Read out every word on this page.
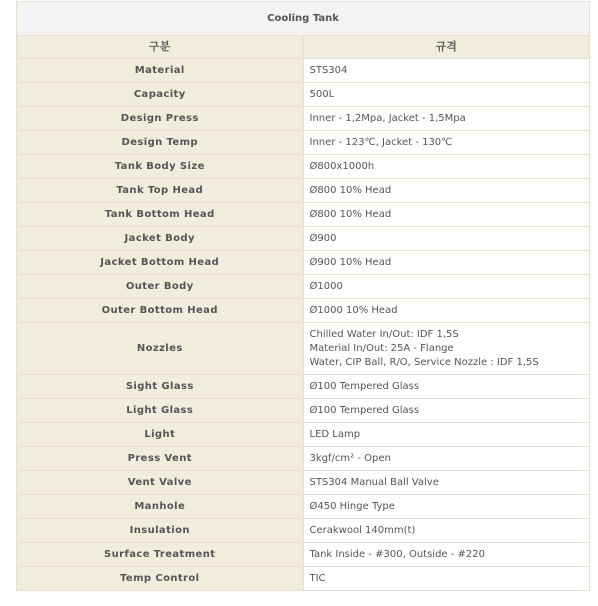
Cooling Tank	
구분	규격
Material	STS304

Capacity	500L

Design Press	Inner - 1,2Mpa, Jacket - 1,5Mpa

Design Temp	Inner - 123℃, Jacket - 130℃

Tank Body Size	Ø800x1000h

Tank Top Head	Ø800 10% Head

Tank Bottom Head	Ø800 10% Head

Jacket Body	Ø900

Jacket Bottom Head	Ø900 10% Head

Outer Body	Ø1000

Outer Bottom Head	Ø1000 10% Head

Nozzles	Chilled Water In/Out: IDF 1,5S
Material In/Out: 25A - Flange
Water, CIP Ball, R/O, Service Nozzle : IDF 1,5S

Sight Glass	Ø100 Tempered Glass

Light Glass	Ø100 Tempered Glass

Light	LED Lamp

Press Vent	3kgf/cm² - Open

Vent Valve	STS304 Manual Ball Valve

Manhole	Ø450 Hinge Type

Insulation	Cerakwool 140mm(t)

Surface Treatment	Tank Inside - #300, Outside - #220

Temp Control	TIC
